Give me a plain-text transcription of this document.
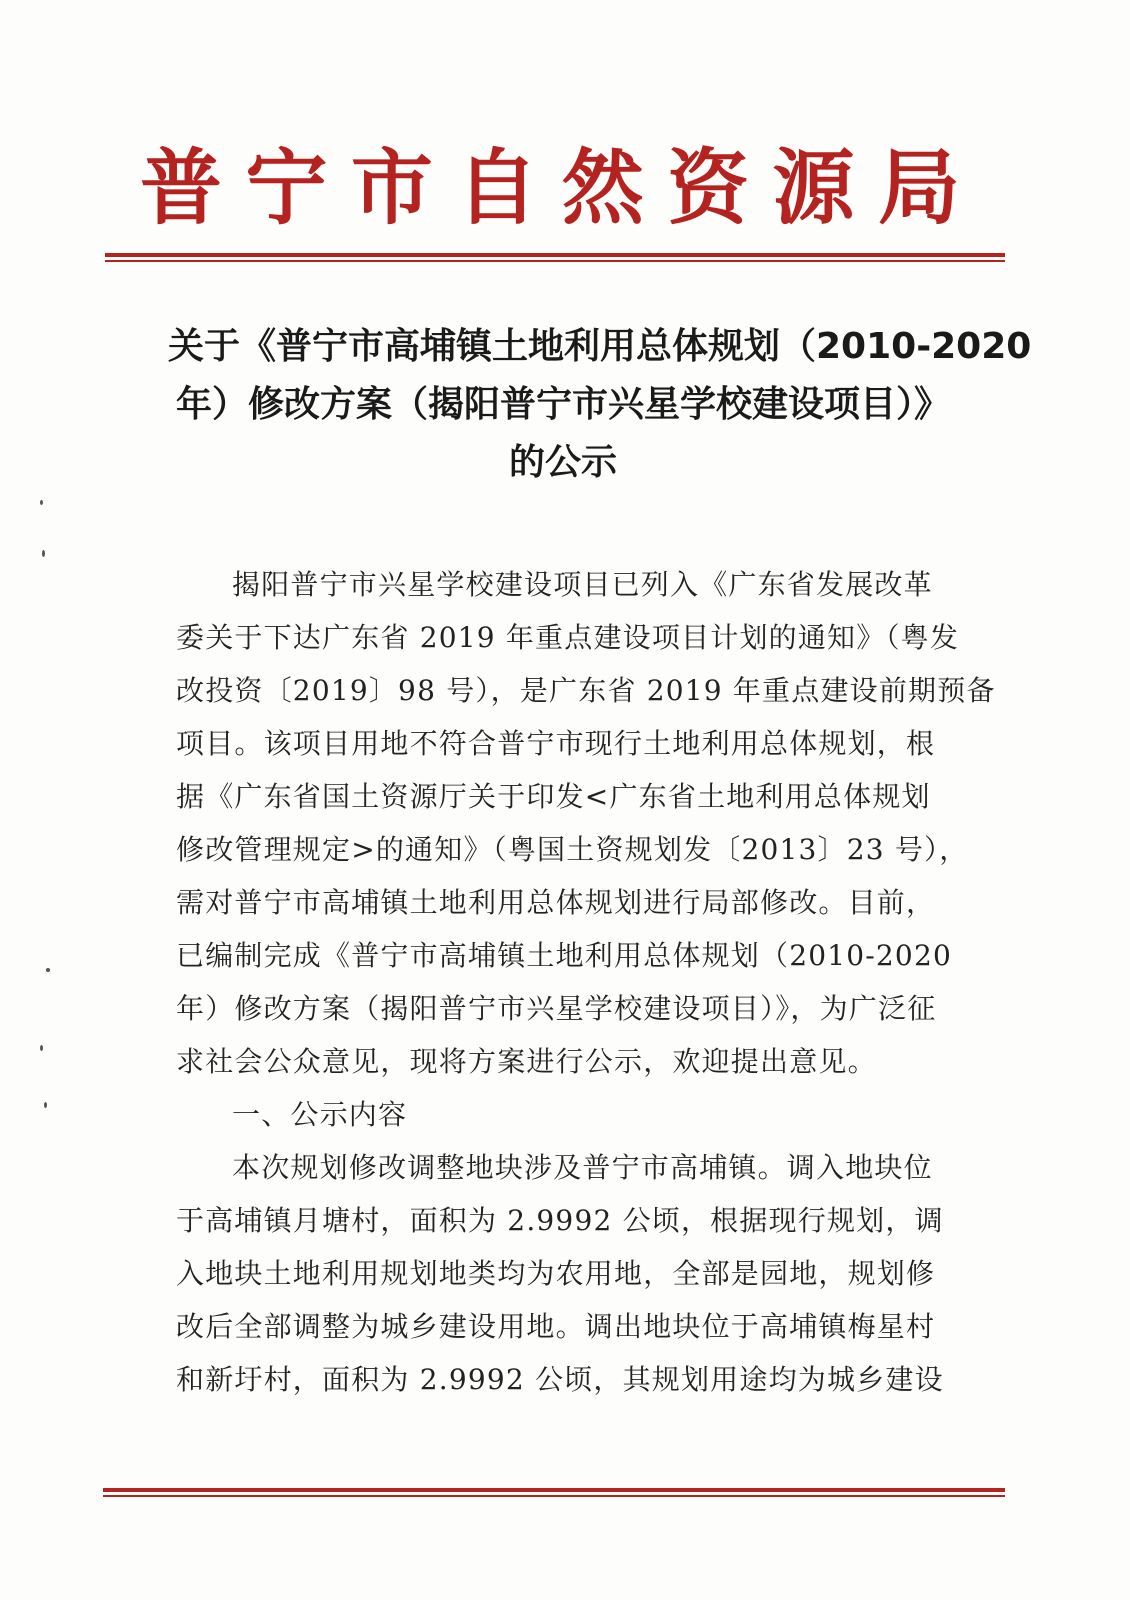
普 宁 市 自 然 资 源 局
关于《普宁市高埔镇土地利用总体规划（2010-2020
年）修改方案（揭阳普宁市兴星学校建设项目）》
的公示
揭阳普宁市兴星学校建设项目已列入《广东省发展改革
委关于下达广东省 2019 年重点建设项目计划的通知》（粤发
改投资〔2019〕98 号），是广东省 2019 年重点建设前期预备
项目。该项目用地不符合普宁市现行土地利用总体规划，根
据《广东省国土资源厅关于印发<广东省土地利用总体规划
修改管理规定>的通知》（粤国土资规划发〔2013〕23 号），
需对普宁市高埔镇土地利用总体规划进行局部修改。目前，
已编制完成《普宁市高埔镇土地利用总体规划（2010-2020
年）修改方案（揭阳普宁市兴星学校建设项目）》，为广泛征
求社会公众意见，现将方案进行公示，欢迎提出意见。
一、公示内容
本次规划修改调整地块涉及普宁市高埔镇。调入地块位
于高埔镇月塘村，面积为 2.9992 公顷，根据现行规划，调
入地块土地利用规划地类均为农用地，全部是园地，规划修
改后全部调整为城乡建设用地。调出地块位于高埔镇梅星村
和新圩村，面积为 2.9992 公顷，其规划用途均为城乡建设
